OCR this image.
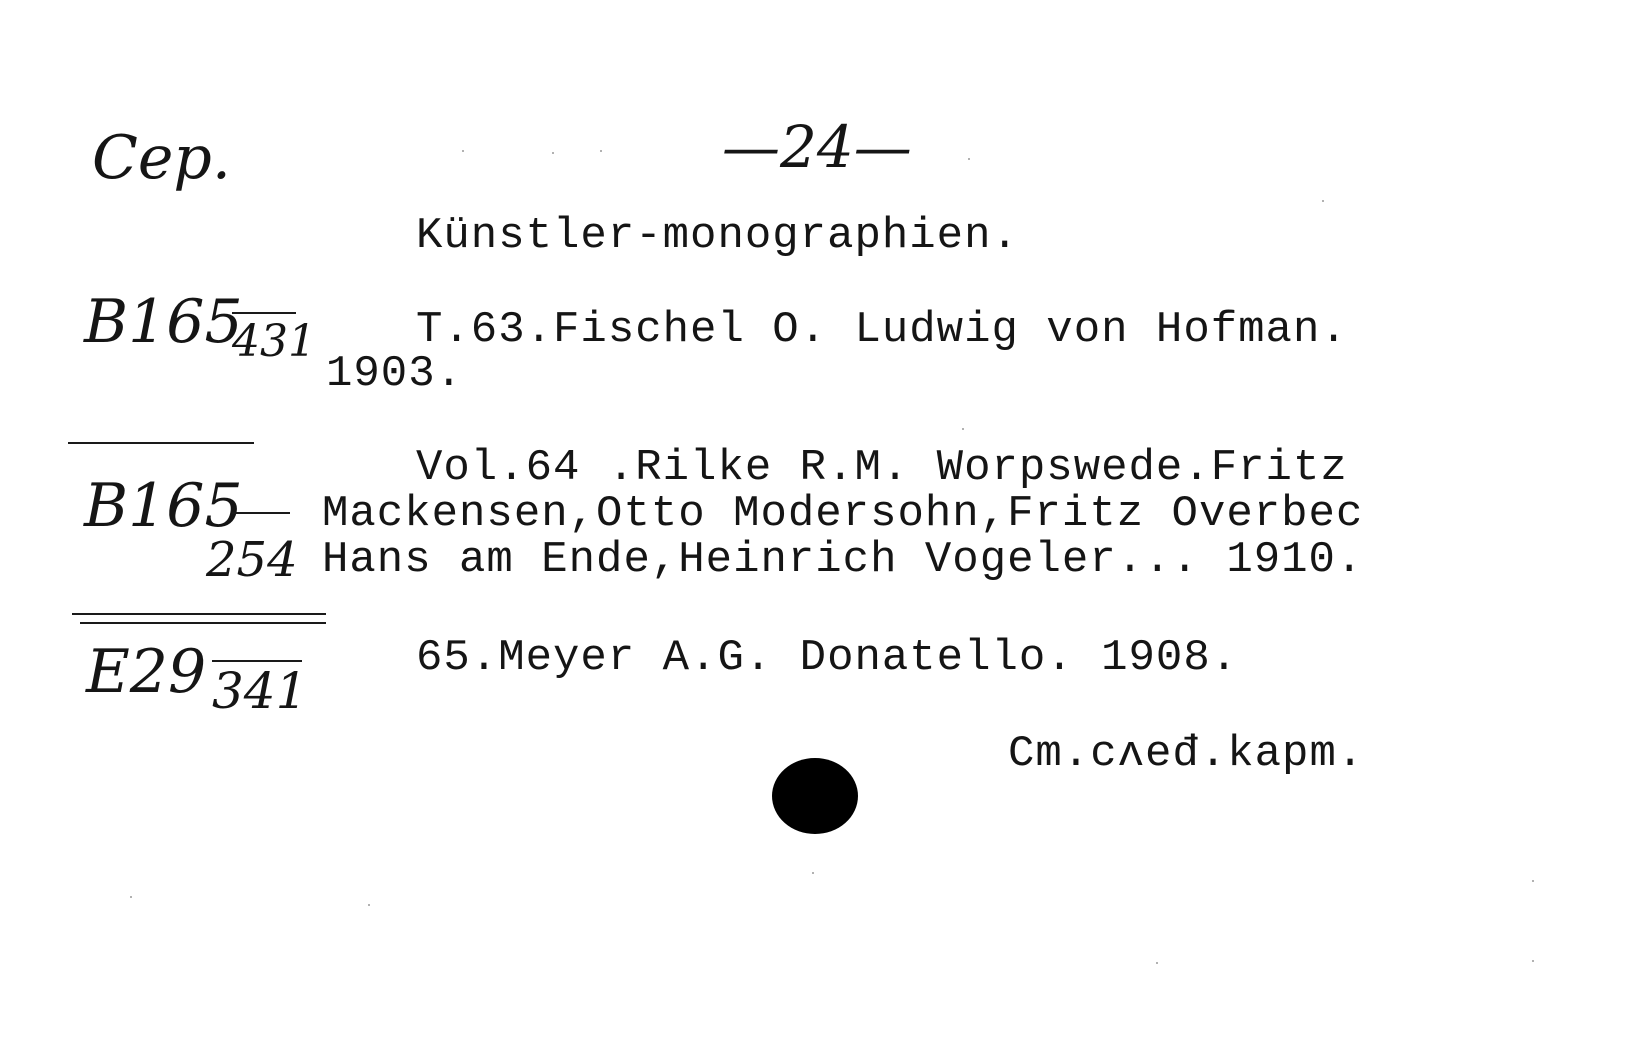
Cep.	—24—
Künstler-monographien.
B165
431 T.63.Fischel O. Ludwig von Hofman.
1903.
B165
254
Vol.64 .Rilke R.M. Worpswede.Fritz
Mackensen,Otto Modersohn,Fritz Overbec
Hans am Ende,Heinrich Vogeler... 1910.
E29 341
65.Meyer A.G. Donatello. 1908.
Cm.cʌeđ.kapm.
